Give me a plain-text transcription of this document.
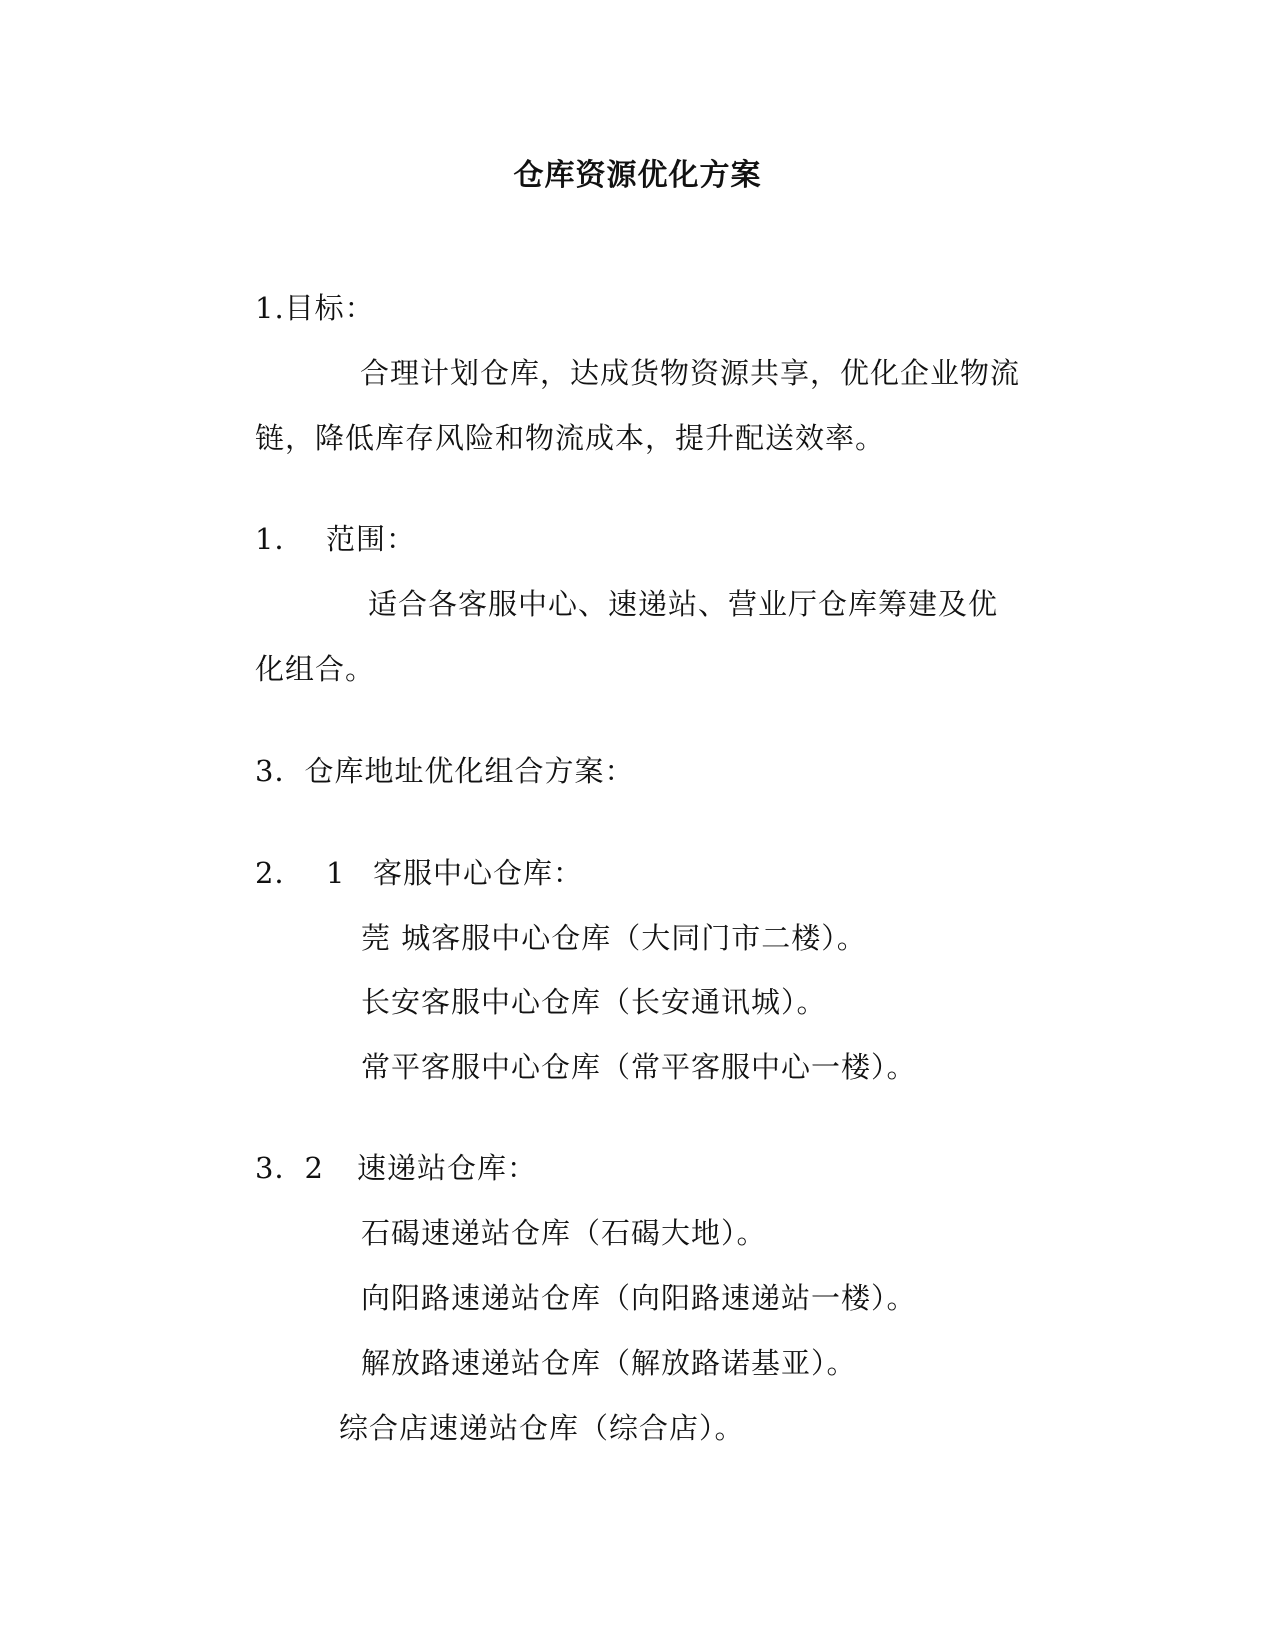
仓库资源优化方案
1.目标：
合理计划仓库，达成货物资源共享，优化企业物流
链，降低库存风险和物流成本，提升配送效率。
1． 范围：
适合各客服中心、速递站、营业厅仓库筹建及优
化组合。
3．仓库地址优化组合方案：
2． 1 客服中心仓库：
莞 城客服中心仓库（大同门市二楼）。
长安客服中心仓库（长安通讯城）。
常平客服中心仓库（常平客服中心一楼）。
3．2 速递站仓库：
石碣速递站仓库（石碣大地）。
向阳路速递站仓库（向阳路速递站一楼）。
解放路速递站仓库（解放路诺基亚）。
综合店速递站仓库（综合店）。
